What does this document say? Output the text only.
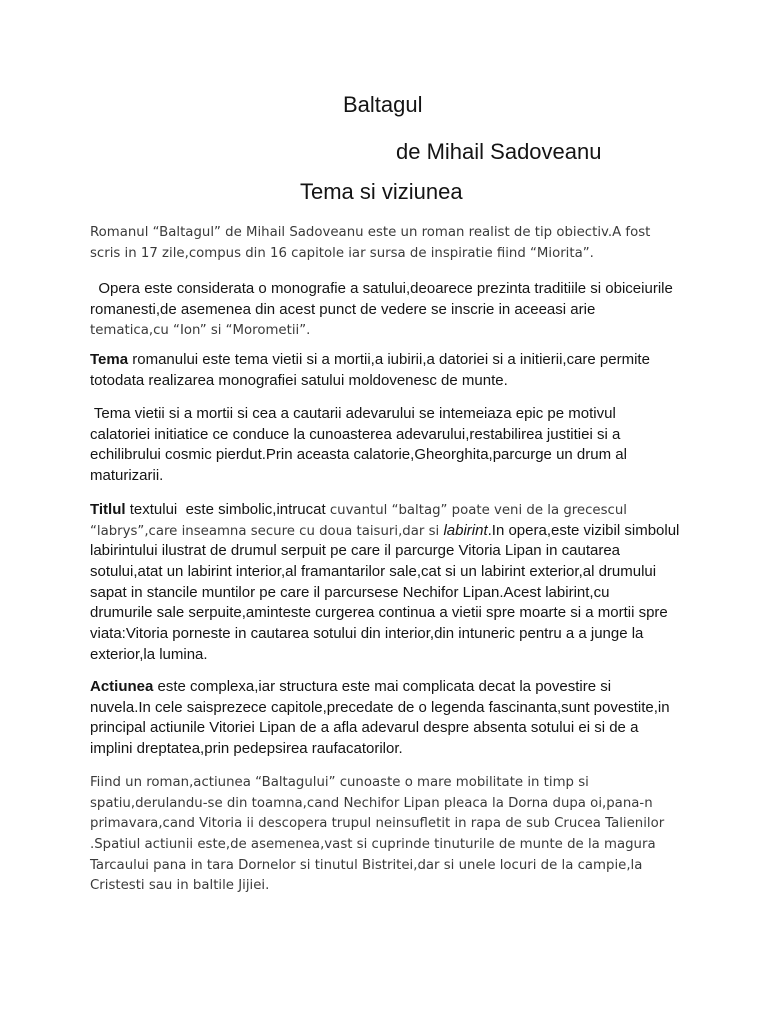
Baltagul
de Mihail Sadoveanu
Tema si viziunea
Romanul “Baltagul” de Mihail Sadoveanu este un roman realist de tip obiectiv.A fost
scris in 17 zile,compus din 16 capitole iar sursa de inspiratie fiind “Miorita”.
Opera este considerata o monografie a satului,deoarece prezinta traditiile si obiceiurile
romanesti,de asemenea din acest punct de vedere se inscrie in aceeasi arie
tematica,cu “Ion” si “Morometii”.
Tema romanului este tema vietii si a mortii,a iubirii,a datoriei si a initierii,care permite
totodata realizarea monografiei satului moldovenesc de munte.
Tema vietii si a mortii si cea a cautarii adevarului se intemeiaza epic pe motivul
calatoriei initiatice ce conduce la cunoasterea adevarului,restabilirea justitiei si a
echilibrului cosmic pierdut.Prin aceasta calatorie,Gheorghita,parcurge un drum al
maturizarii.
Titlul textului  este simbolic,intrucat cuvantul “baltag” poate veni de la grecescul
“labrys”,care inseamna secure cu doua taisuri,dar si labirint.In opera,este vizibil simbolul
labirintului ilustrat de drumul serpuit pe care il parcurge Vitoria Lipan in cautarea
sotului,atat un labirint interior,al framantarilor sale,cat si un labirint exterior,al drumului
sapat in stancile muntilor pe care il parcursese Nechifor Lipan.Acest labirint,cu
drumurile sale serpuite,aminteste curgerea continua a vietii spre moarte si a mortii spre
viata:Vitoria porneste in cautarea sotului din interior,din intuneric pentru a a junge la
exterior,la lumina.
Actiunea este complexa,iar structura este mai complicata decat la povestire si
nuvela.In cele saisprezece capitole,precedate de o legenda fascinanta,sunt povestite,in
principal actiunile Vitoriei Lipan de a afla adevarul despre absenta sotului ei si de a
implini dreptatea,prin pedepsirea raufacatorilor.
Fiind un roman,actiunea “Baltagului” cunoaste o mare mobilitate in timp si
spatiu,derulandu-se din toamna,cand Nechifor Lipan pleaca la Dorna dupa oi,pana-n
primavara,cand Vitoria ii descopera trupul neinsufletit in rapa de sub Crucea Talienilor
.Spatiul actiunii este,de asemenea,vast si cuprinde tinuturile de munte de la magura
Tarcaului pana in tara Dornelor si tinutul Bistritei,dar si unele locuri de la campie,la
Cristesti sau in baltile Jijiei.
